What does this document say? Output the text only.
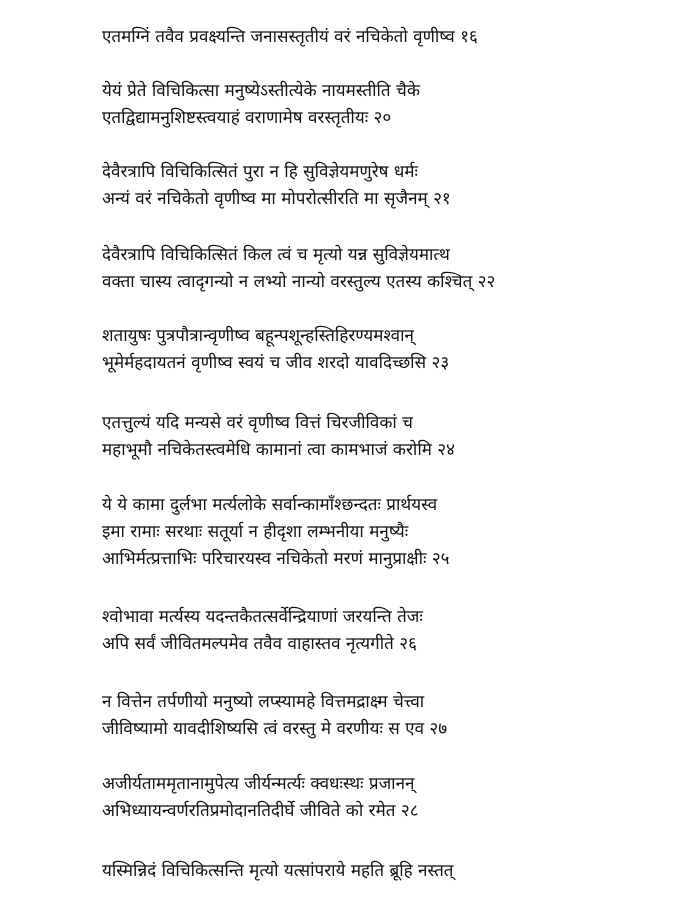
एतमग्निं तवैव प्रवक्ष्यन्ति जनासस्तृतीयं वरं नचिकेतो वृणीष्व १६
येयं प्रेते विचिकित्सा मनुष्येऽस्तीत्येके नायमस्तीति चैके
एतद्विद्यामनुशिष्टस्त्वयाहं वराणामेष वरस्तृतीयः २०
देवैरत्रापि विचिकित्सितं पुरा न हि सुविज्ञेयमणुरेष धर्मः
अन्यं वरं नचिकेतो वृणीष्व मा मोपरोत्सीरति मा सृजैनम् २१
देवैरत्रापि विचिकित्सितं किल त्वं च मृत्यो यन्न सुविज्ञेयमात्थ
वक्ता चास्य त्वादृगन्यो न लभ्यो नान्यो वरस्तुल्य एतस्य कश्चित् २२
शतायुषः पुत्रपौत्रान्वृणीष्व बहून्पशून्हस्तिहिरण्यमश्वान्
भूमेर्महदायतनं वृणीष्व स्वयं च जीव शरदो यावदिच्छसि २३
एतत्तुल्यं यदि मन्यसे वरं वृणीष्व वित्तं चिरजीविकां च
महाभूमौ नचिकेतस्त्वमेधि कामानां त्वा कामभाजं करोमि २४
ये ये कामा दुर्लभा मर्त्यलोके सर्वान्कामाँश्छन्दतः प्रार्थयस्व
इमा रामाः सरथाः सतूर्या न हीदृशा लम्भनीया मनुष्यैः
आभिर्मत्प्रत्ताभिः परिचारयस्व नचिकेतो मरणं मानुप्राक्षीः २५
श्वोभावा मर्त्यस्य यदन्तकैतत्सर्वेन्द्रियाणां जरयन्ति तेजः
अपि सर्वं जीवितमल्पमेव तवैव वाहास्तव नृत्यगीते २६
न वित्तेन तर्पणीयो मनुष्यो लप्स्यामहे वित्तमद्राक्ष्म चेत्त्वा
जीविष्यामो यावदीशिष्यसि त्वं वरस्तु मे वरणीयः स एव २७
अजीर्यताममृतानामुपेत्य जीर्यन्मर्त्यः क्वधःस्थः प्रजानन्
अभिध्यायन्वर्णरतिप्रमोदानतिदीर्घे जीविते को रमेत २८
यस्मिन्निदं विचिकित्सन्ति मृत्यो यत्सांपराये महति ब्रूहि नस्तत्
